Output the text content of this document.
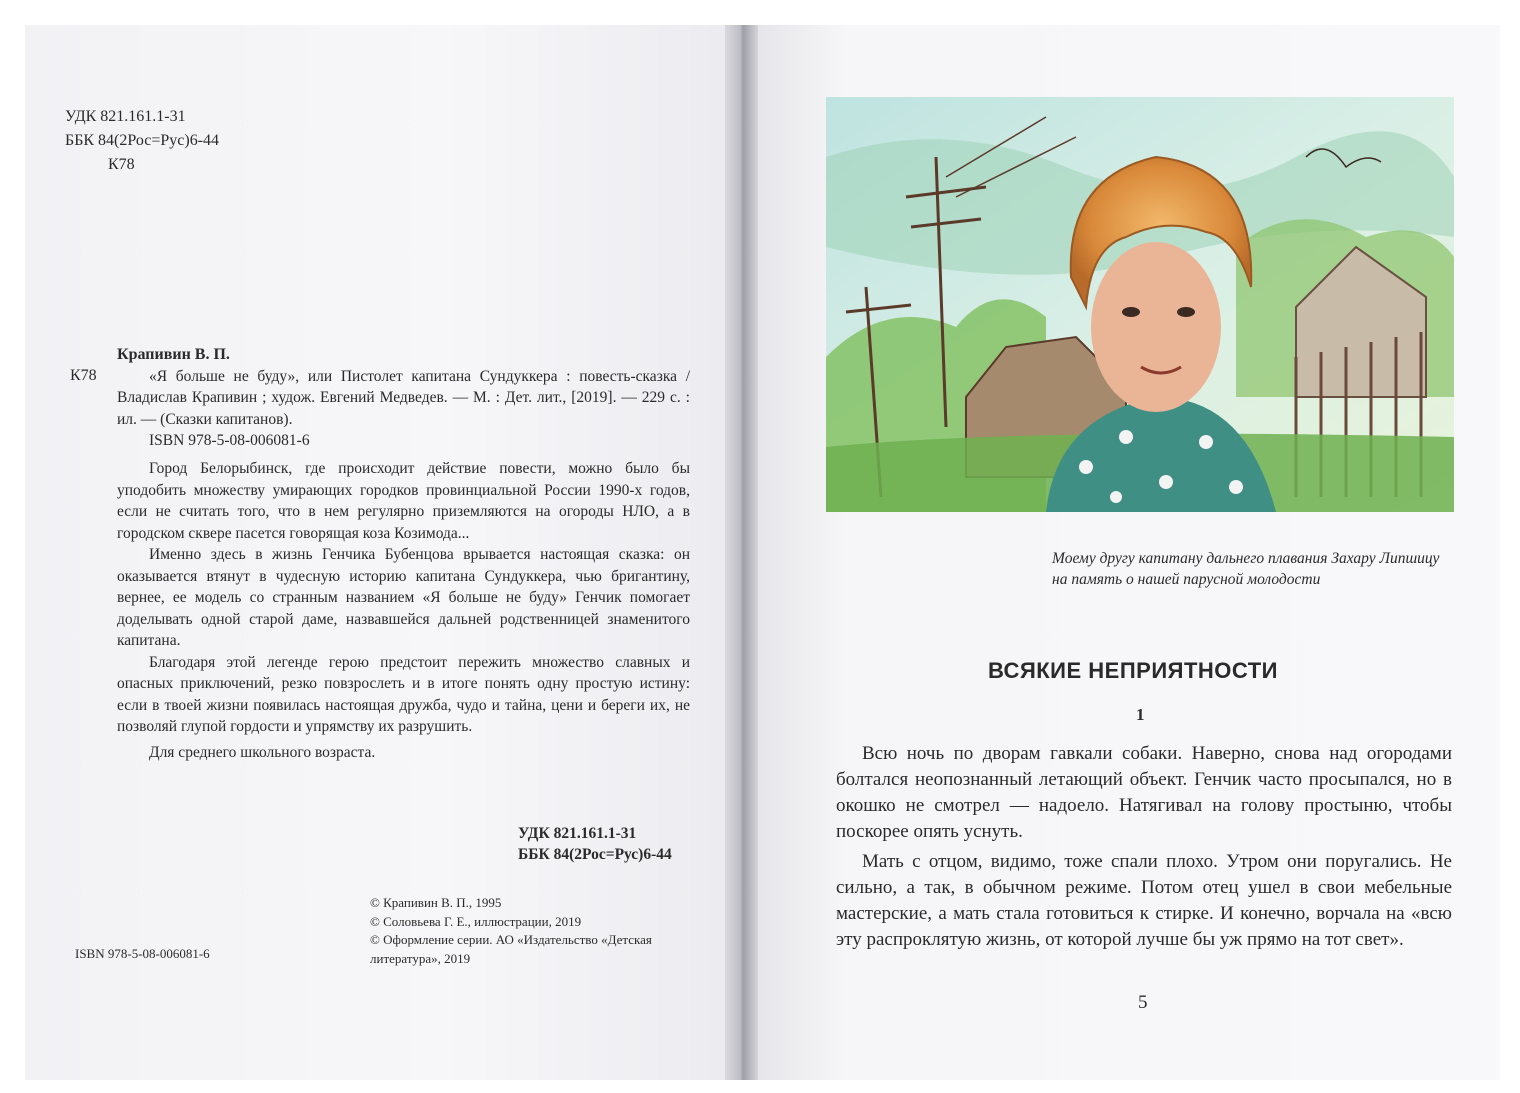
УДК 821.161.1-31
ББК 84(2Рос=Рус)6-44
К78
К78
Крапивин В. П.
«Я больше не буду», или Пистолет капитана Сундуккера : повесть-сказка / Владислав Крапивин ; худож. Евгений Медведев. — М. : Дет. лит., [2019]. — 229 с. : ил. — (Сказки капитанов).
ISBN 978-5-08-006081-6

Город Белорыбинск, где происходит действие повести, можно было бы уподобить множеству умирающих городков провинциальной России 1990-х годов, если не считать того, что в нем регулярно приземляются на огороды НЛО, а в городском сквере пасется говорящая коза Козимода...

Именно здесь в жизнь Генчика Бубенцова врывается настоящая сказка: он оказывается втянут в чудесную историю капитана Сундуккера, чью бригантину, вернее, ее модель со странным названием «Я больше не буду» Генчик помогает доделывать одной старой даме, назвавшейся дальней родственницей знаменитого капитана.

Благодаря этой легенде герою предстоит пережить множество славных и опасных приключений, резко повзрослеть и в итоге понять одну простую истину: если в твоей жизни появилась настоящая дружба, чудо и тайна, цени и береги их, не позволяй глупой гордости и упрямству их разрушить.

Для среднего школьного возраста.

УДК 821.161.1-31
ББК 84(2Рос=Рус)6-44
© Крапивин В. П., 1995
© Соловьева Г. Е., иллюстрации, 2019
© Оформление серии. АО «Издательство «Детская литература», 2019
ISBN 978-5-08-006081-6
Моему другу капитану дальнего плавания Захару Липшицу на память о нашей парусной молодости
ВСЯКИЕ НЕПРИЯТНОСТИ
1

Всю ночь по дворам гавкали собаки. Наверно, снова над огородами болтался неопознанный летающий объект. Генчик часто просыпался, но в окошко не смотрел — надоело. Натягивал на голову простыню, чтобы поскорее опять уснуть.

Мать с отцом, видимо, тоже спали плохо. Утром они поругались. Не сильно, а так, в обычном режиме. Потом отец ушел в свои мебельные мастерские, а мать стала готовиться к стирке. И конечно, ворчала на «всю эту распроклятую жизнь, от которой лучше бы уж прямо на тот свет».

5
